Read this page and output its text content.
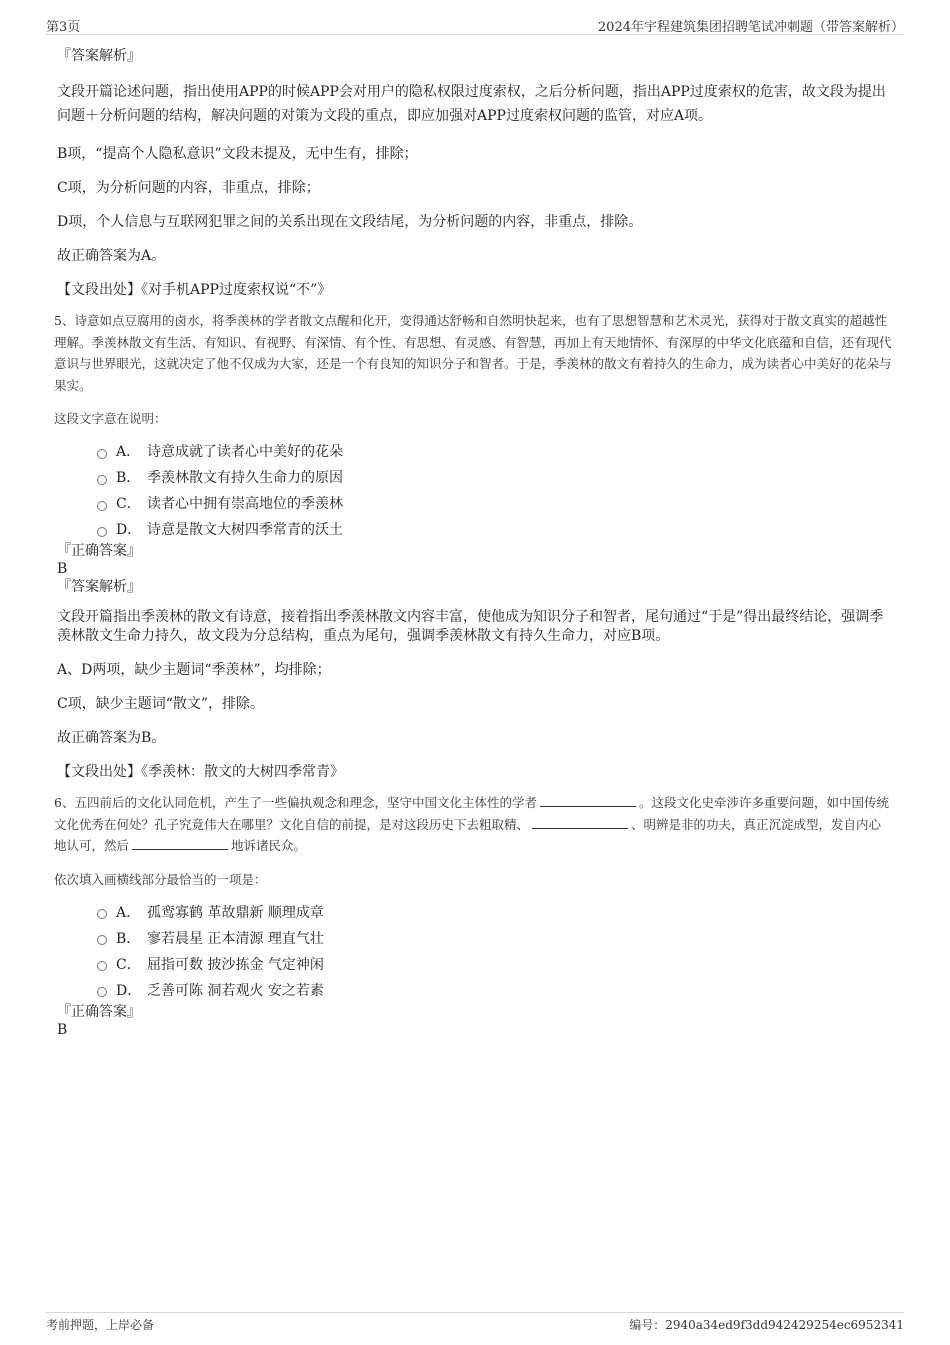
第3页	2024年宇程建筑集团招聘笔试冲刺题（带答案解析）

『答案解析』

文段开篇论述问题，指出使用APP的时候APP会对用户的隐私权限过度索权，之后分析问题，指出APP过度索权的危害，故文段为提出问题＋分析问题的结构，解决问题的对策为文段的重点，即应加强对APP过度索权问题的监管，对应A项。

B项，“提高个人隐私意识”文段未提及，无中生有，排除；

C项，为分析问题的内容，非重点，排除；

D项，个人信息与互联网犯罪之间的关系出现在文段结尾，为分析问题的内容，非重点，排除。

故正确答案为A。

【文段出处】《对手机APP过度索权说“不”》

5、诗意如点豆腐用的卤水，将季羡林的学者散文点醒和化开，变得通达舒畅和自然明快起来，也有了思想智慧和艺术灵光，获得对于散文真实的超越性理解。季羡林散文有生活、有知识、有视野、有深情、有个性、有思想、有灵感、有智慧，再加上有天地情怀、有深厚的中华文化底蕴和自信，还有现代意识与世界眼光，这就决定了他不仅成为大家，还是一个有良知的知识分子和智者。于是，季羡林的散文有着持久的生命力，成为读者心中美好的花朵与果实。

这段文字意在说明：

A． 诗意成就了读者心中美好的花朵
B． 季羡林散文有持久生命力的原因
C． 读者心中拥有崇高地位的季羡林
D． 诗意是散文大树四季常青的沃土

『正确答案』

B

『答案解析』

文段开篇指出季羡林的散文有诗意，接着指出季羡林散文内容丰富，使他成为知识分子和智者，尾句通过“于是”得出最终结论，强调季羡林散文生命力持久，故文段为分总结构，重点为尾句，强调季羡林散文有持久生命力，对应B项。

A、D两项，缺少主题词“季羡林”，均排除；

C项，缺少主题词“散文”，排除。

故正确答案为B。

【文段出处】《季羡林：散文的大树四季常青》

6、五四前后的文化认同危机，产生了一些偏执观念和理念，坚守中国文化主体性的学者	。这段文化史牵涉许多重要问题，如中国传统文化优秀在何处？孔子究竟伟大在哪里？文化自信的前提，是对这段历史下去粗取精、	、明辨是非的功夫，真正沉淀成型，发自内心地认可，然后	地诉诸民众。

依次填入画横线部分最恰当的一项是：

A． 孤鸾寡鹤 革故鼎新 顺理成章
B． 寥若晨星 正本清源 理直气壮
C． 屈指可数 披沙拣金 气定神闲
D． 乏善可陈 洞若观火 安之若素

『正确答案』

B

考前押题，上岸必备	编号：2940a34ed9f3dd942429254ec6952341
